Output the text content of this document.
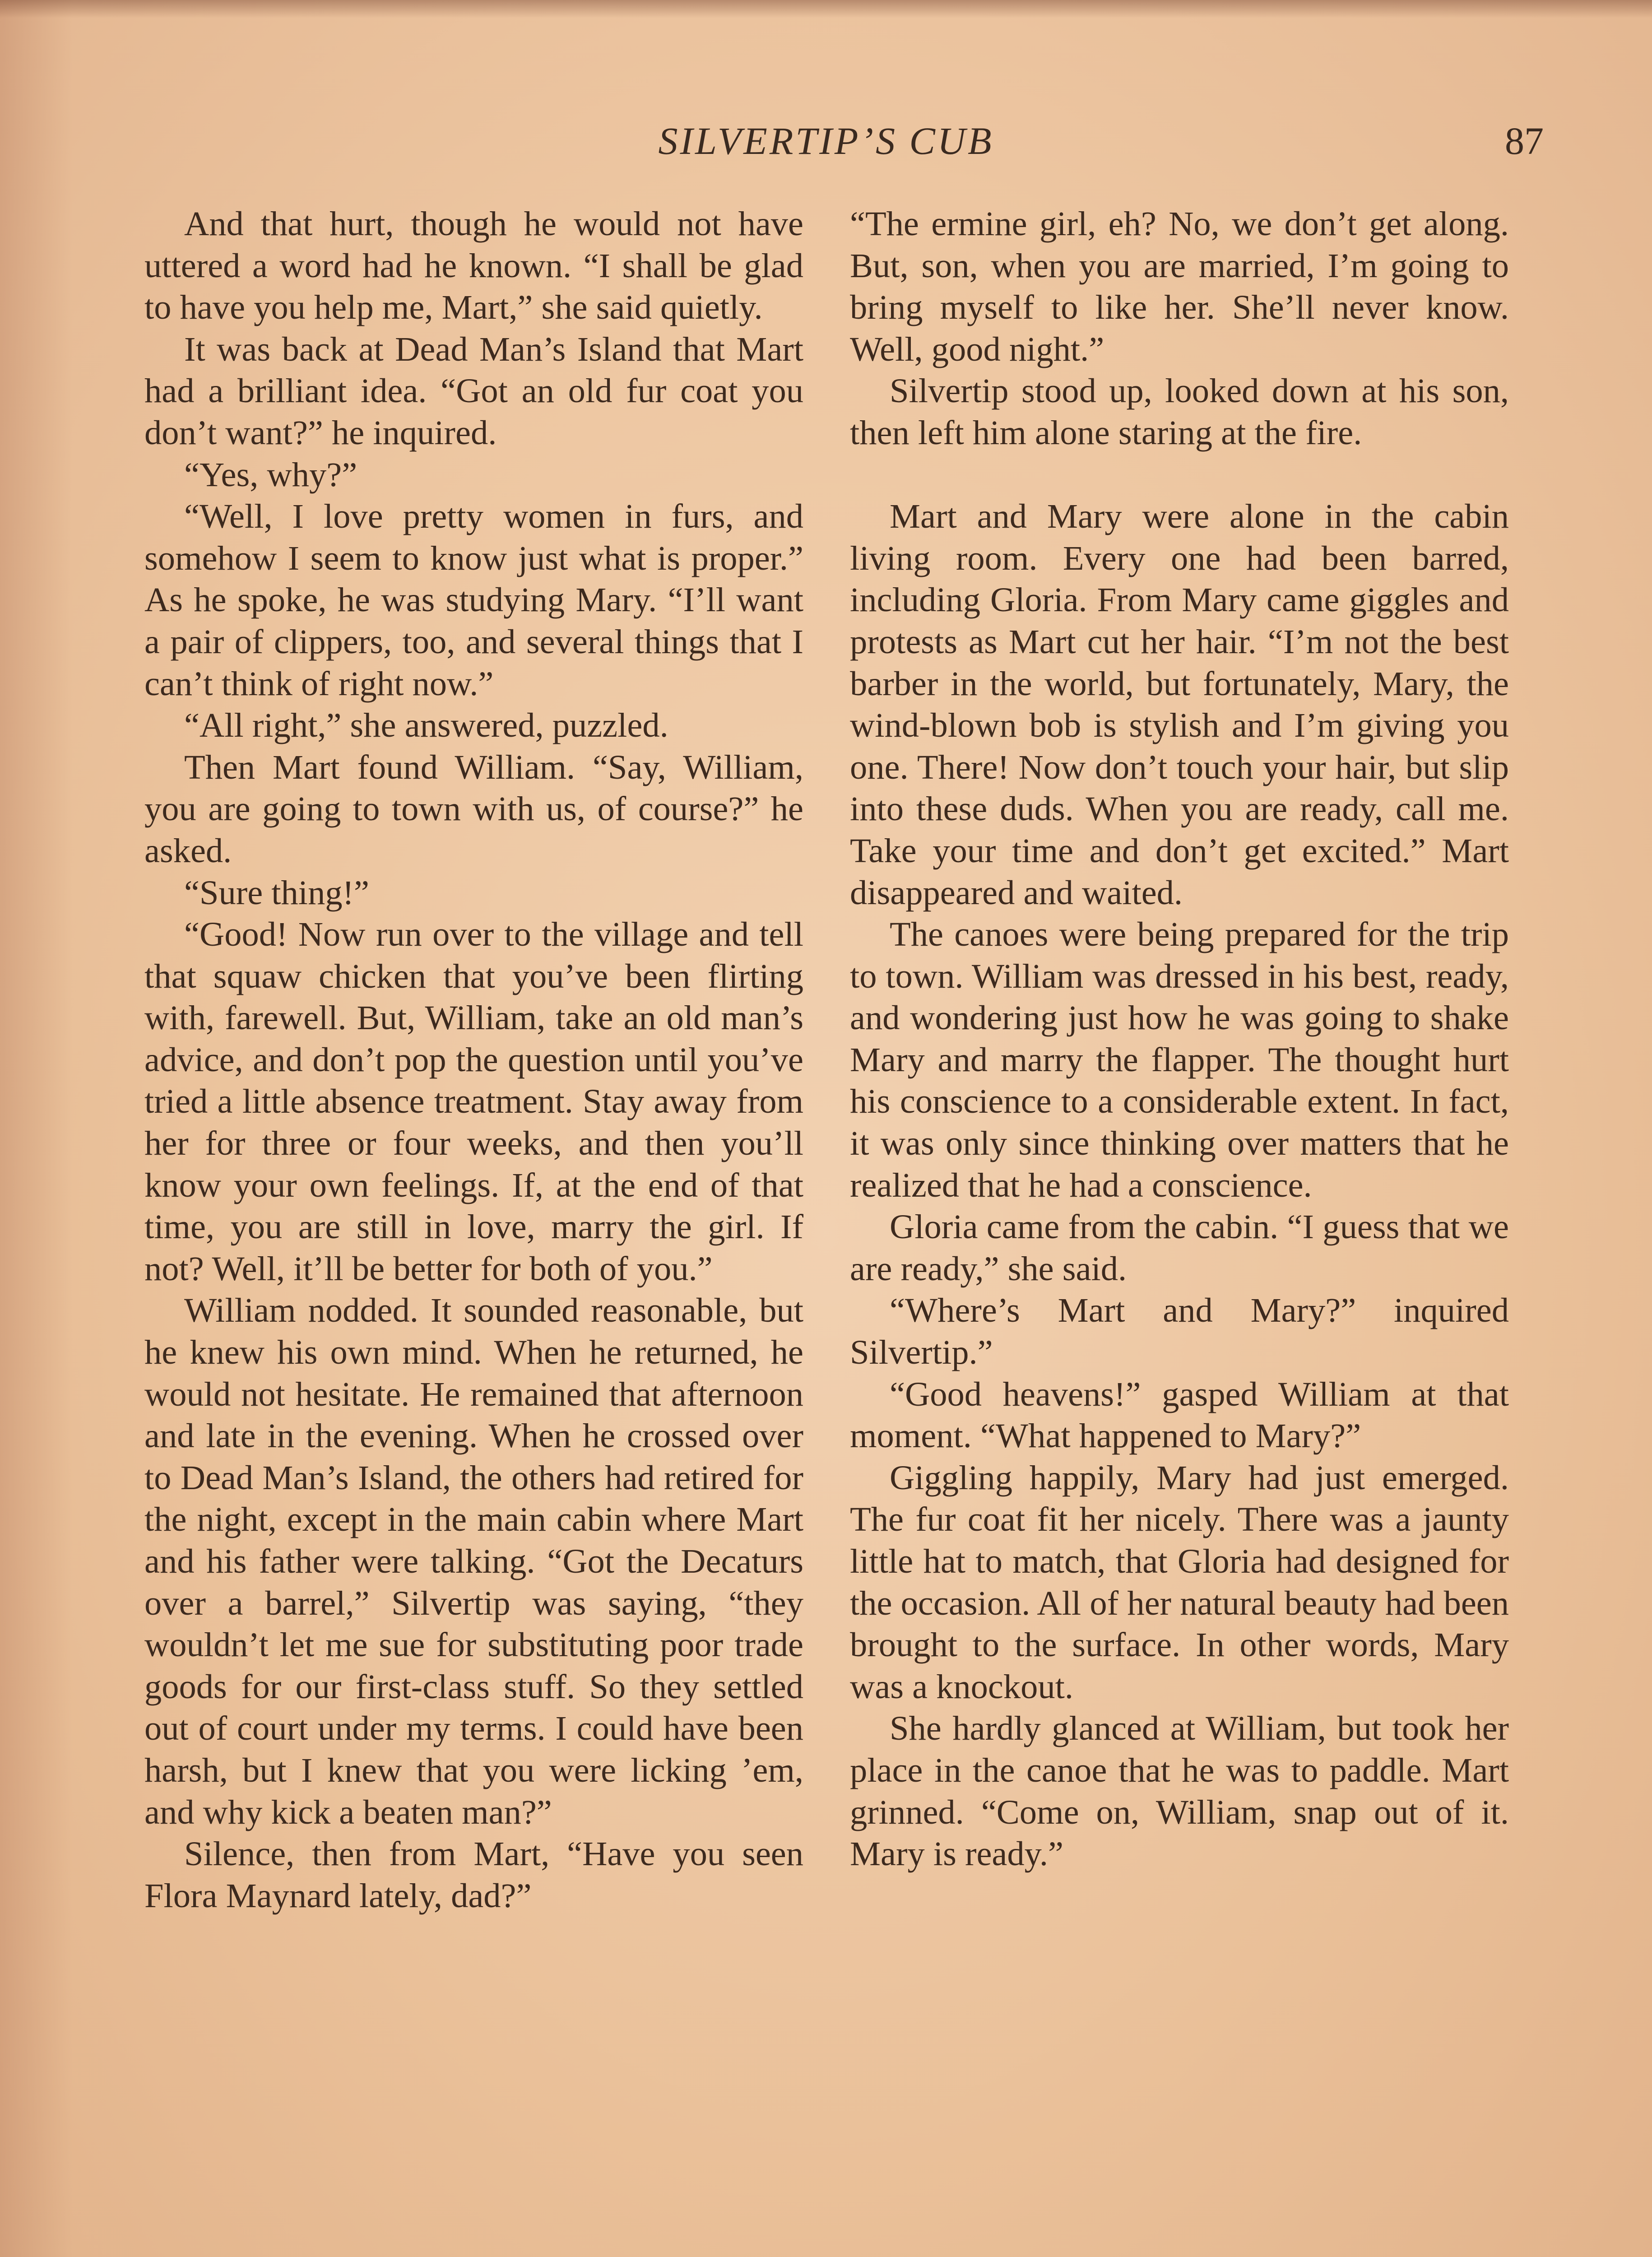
SILVERTIP’S CUB	87

And that hurt, though he would not have uttered a word had he known. “I shall be glad to have you help me, Mart,” she said quietly.

It was back at Dead Man’s Island that Mart had a brilliant idea. “Got an old fur coat you don’t want?” he inquired.

“Yes, why?”

“Well, I love pretty women in furs, and somehow I seem to know just what is proper.” As he spoke, he was studying Mary. “I’ll want a pair of clippers, too, and several things that I can’t think of right now.”

“All right,” she answered, puzzled.

Then Mart found William. “Say, William, you are going to town with us, of course?” he asked.

“Sure thing!”

“Good! Now run over to the village and tell that squaw chicken that you’ve been flirting with, farewell. But, William, take an old man’s advice, and don’t pop the question until you’ve tried a little absence treatment. Stay away from her for three or four weeks, and then you’ll know your own feelings. If, at the end of that time, you are still in love, marry the girl. If not? Well, it’ll be better for both of you.”

William nodded. It sounded reasonable, but he knew his own mind. When he returned, he would not hesitate. He remained that afternoon and late in the evening. When he crossed over to Dead Man’s Island, the others had retired for the night, except in the main cabin where Mart and his father were talking. “Got the Decaturs over a barrel,” Silvertip was saying, “they wouldn’t let me sue for substituting poor trade goods for our first-class stuff. So they settled out of court under my terms. I could have been harsh, but I knew that you were licking ’em, and why kick a beaten man?”

Silence, then from Mart, “Have you seen Flora Maynard lately, dad?”

“The ermine girl, eh? No, we don’t get along. But, son, when you are married, I’m going to bring myself to like her. She’ll never know. Well, good night.”

Silvertip stood up, looked down at his son, then left him alone staring at the fire.

Mart and Mary were alone in the cabin living room. Every one had been barred, including Gloria. From Mary came giggles and protests as Mart cut her hair. “I’m not the best barber in the world, but fortunately, Mary, the wind-blown bob is stylish and I’m giving you one. There! Now don’t touch your hair, but slip into these duds. When you are ready, call me. Take your time and don’t get excited.” Mart disappeared and waited.

The canoes were being prepared for the trip to town. William was dressed in his best, ready, and wondering just how he was going to shake Mary and marry the flapper. The thought hurt his conscience to a considerable extent. In fact, it was only since thinking over matters that he realized that he had a conscience.

Gloria came from the cabin. “I guess that we are ready,” she said.

“Where’s Mart and Mary?” inquired Silvertip.”

“Good heavens!” gasped William at that moment. “What happened to Mary?”

Giggling happily, Mary had just emerged. The fur coat fit her nicely. There was a jaunty little hat to match, that Gloria had designed for the occasion. All of her natural beauty had been brought to the surface. In other words, Mary was a knockout.

She hardly glanced at William, but took her place in the canoe that he was to paddle. Mart grinned. “Come on, William, snap out of it. Mary is ready.”
